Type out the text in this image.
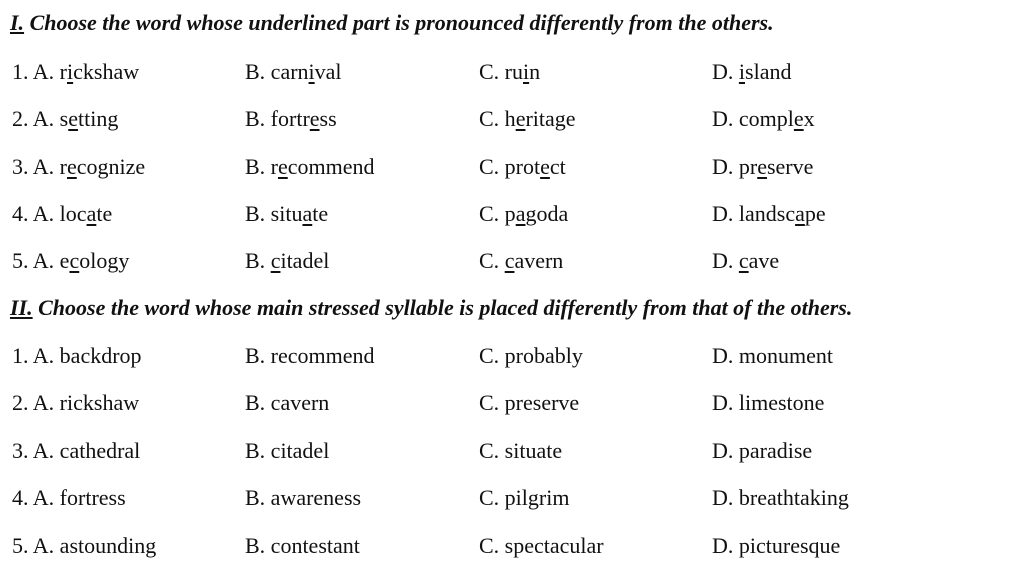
I. Choose the word whose underlined part is pronounced differently from the others.
1. A. rickshaw	B. carnival	C. ruin	D. island
2. A. setting	B. fortress	C. heritage	D. complex
3. A. recognize	B. recommend	C. protect	D. preserve
4. A. locate	B. situate	C. pagoda	D. landscape
5. A. ecology	B. citadel	C. cavern	D. cave
II. Choose the word whose main stressed syllable is placed differently from that of the others.
1. A. backdrop	B. recommend	C. probably	D. monument
2. A. rickshaw	B. cavern	C. preserve	D. limestone
3. A. cathedral	B. citadel	C. situate	D. paradise
4. A. fortress	B. awareness	C. pilgrim	D. breathtaking
5. A. astounding	B. contestant	C. spectacular	D. picturesque
